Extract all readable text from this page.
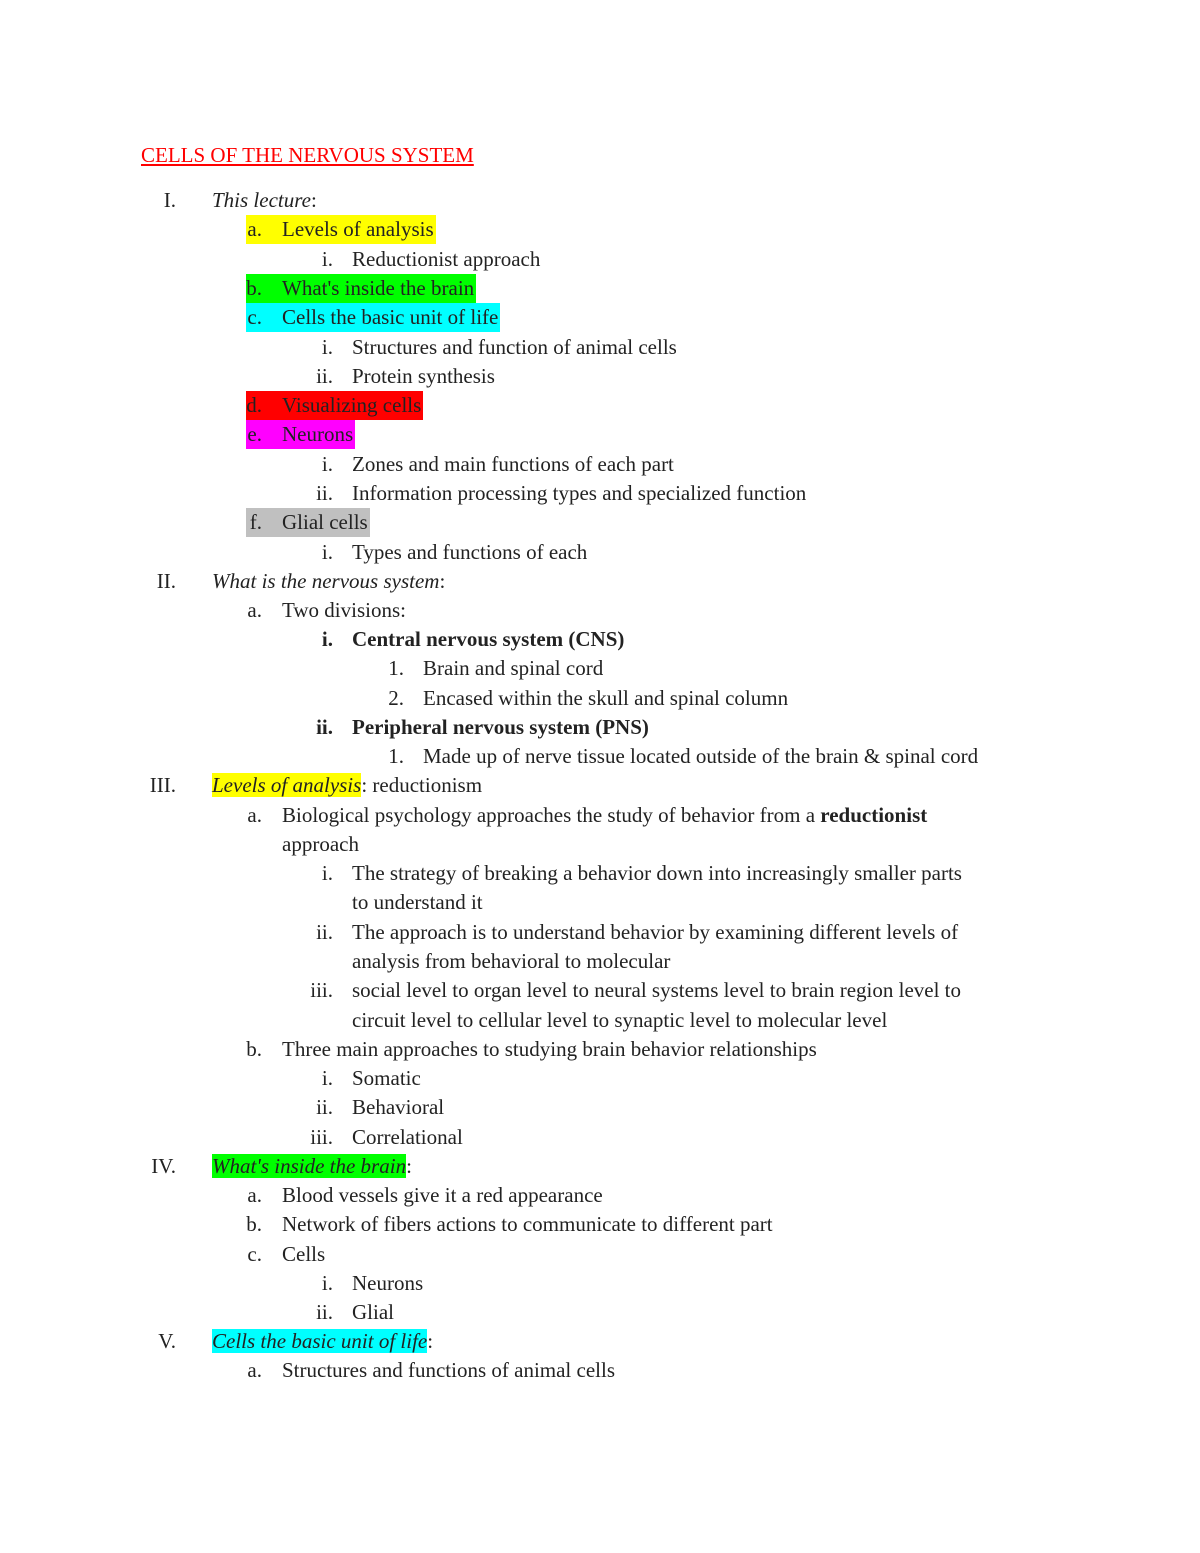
CELLS OF THE NERVOUS SYSTEM
I. This lecture:
a. Levels of analysis
i. Reductionist approach
b. What's inside the brain
c. Cells the basic unit of life
i. Structures and function of animal cells
ii. Protein synthesis
d. Visualizing cells
e. Neurons
i. Zones and main functions of each part
ii. Information processing types and specialized function
f. Glial cells
i. Types and functions of each
II. What is the nervous system:
a. Two divisions:
i. Central nervous system (CNS)
1. Brain and spinal cord
2. Encased within the skull and spinal column
ii. Peripheral nervous system (PNS)
1. Made up of nerve tissue located outside of the brain & spinal cord
III. Levels of analysis: reductionism
a. Biological psychology approaches the study of behavior from a reductionist
approach
i. The strategy of breaking a behavior down into increasingly smaller parts
to understand it
ii. The approach is to understand behavior by examining different levels of
analysis from behavioral to molecular
iii. social level to organ level to neural systems level to brain region level to
circuit level to cellular level to synaptic level to molecular level
b. Three main approaches to studying brain behavior relationships
i. Somatic
ii. Behavioral
iii. Correlational
IV. What's inside the brain:
a. Blood vessels give it a red appearance
b. Network of fibers actions to communicate to different part
c. Cells
i. Neurons
ii. Glial
V. Cells the basic unit of life:
a. Structures and functions of animal cells
